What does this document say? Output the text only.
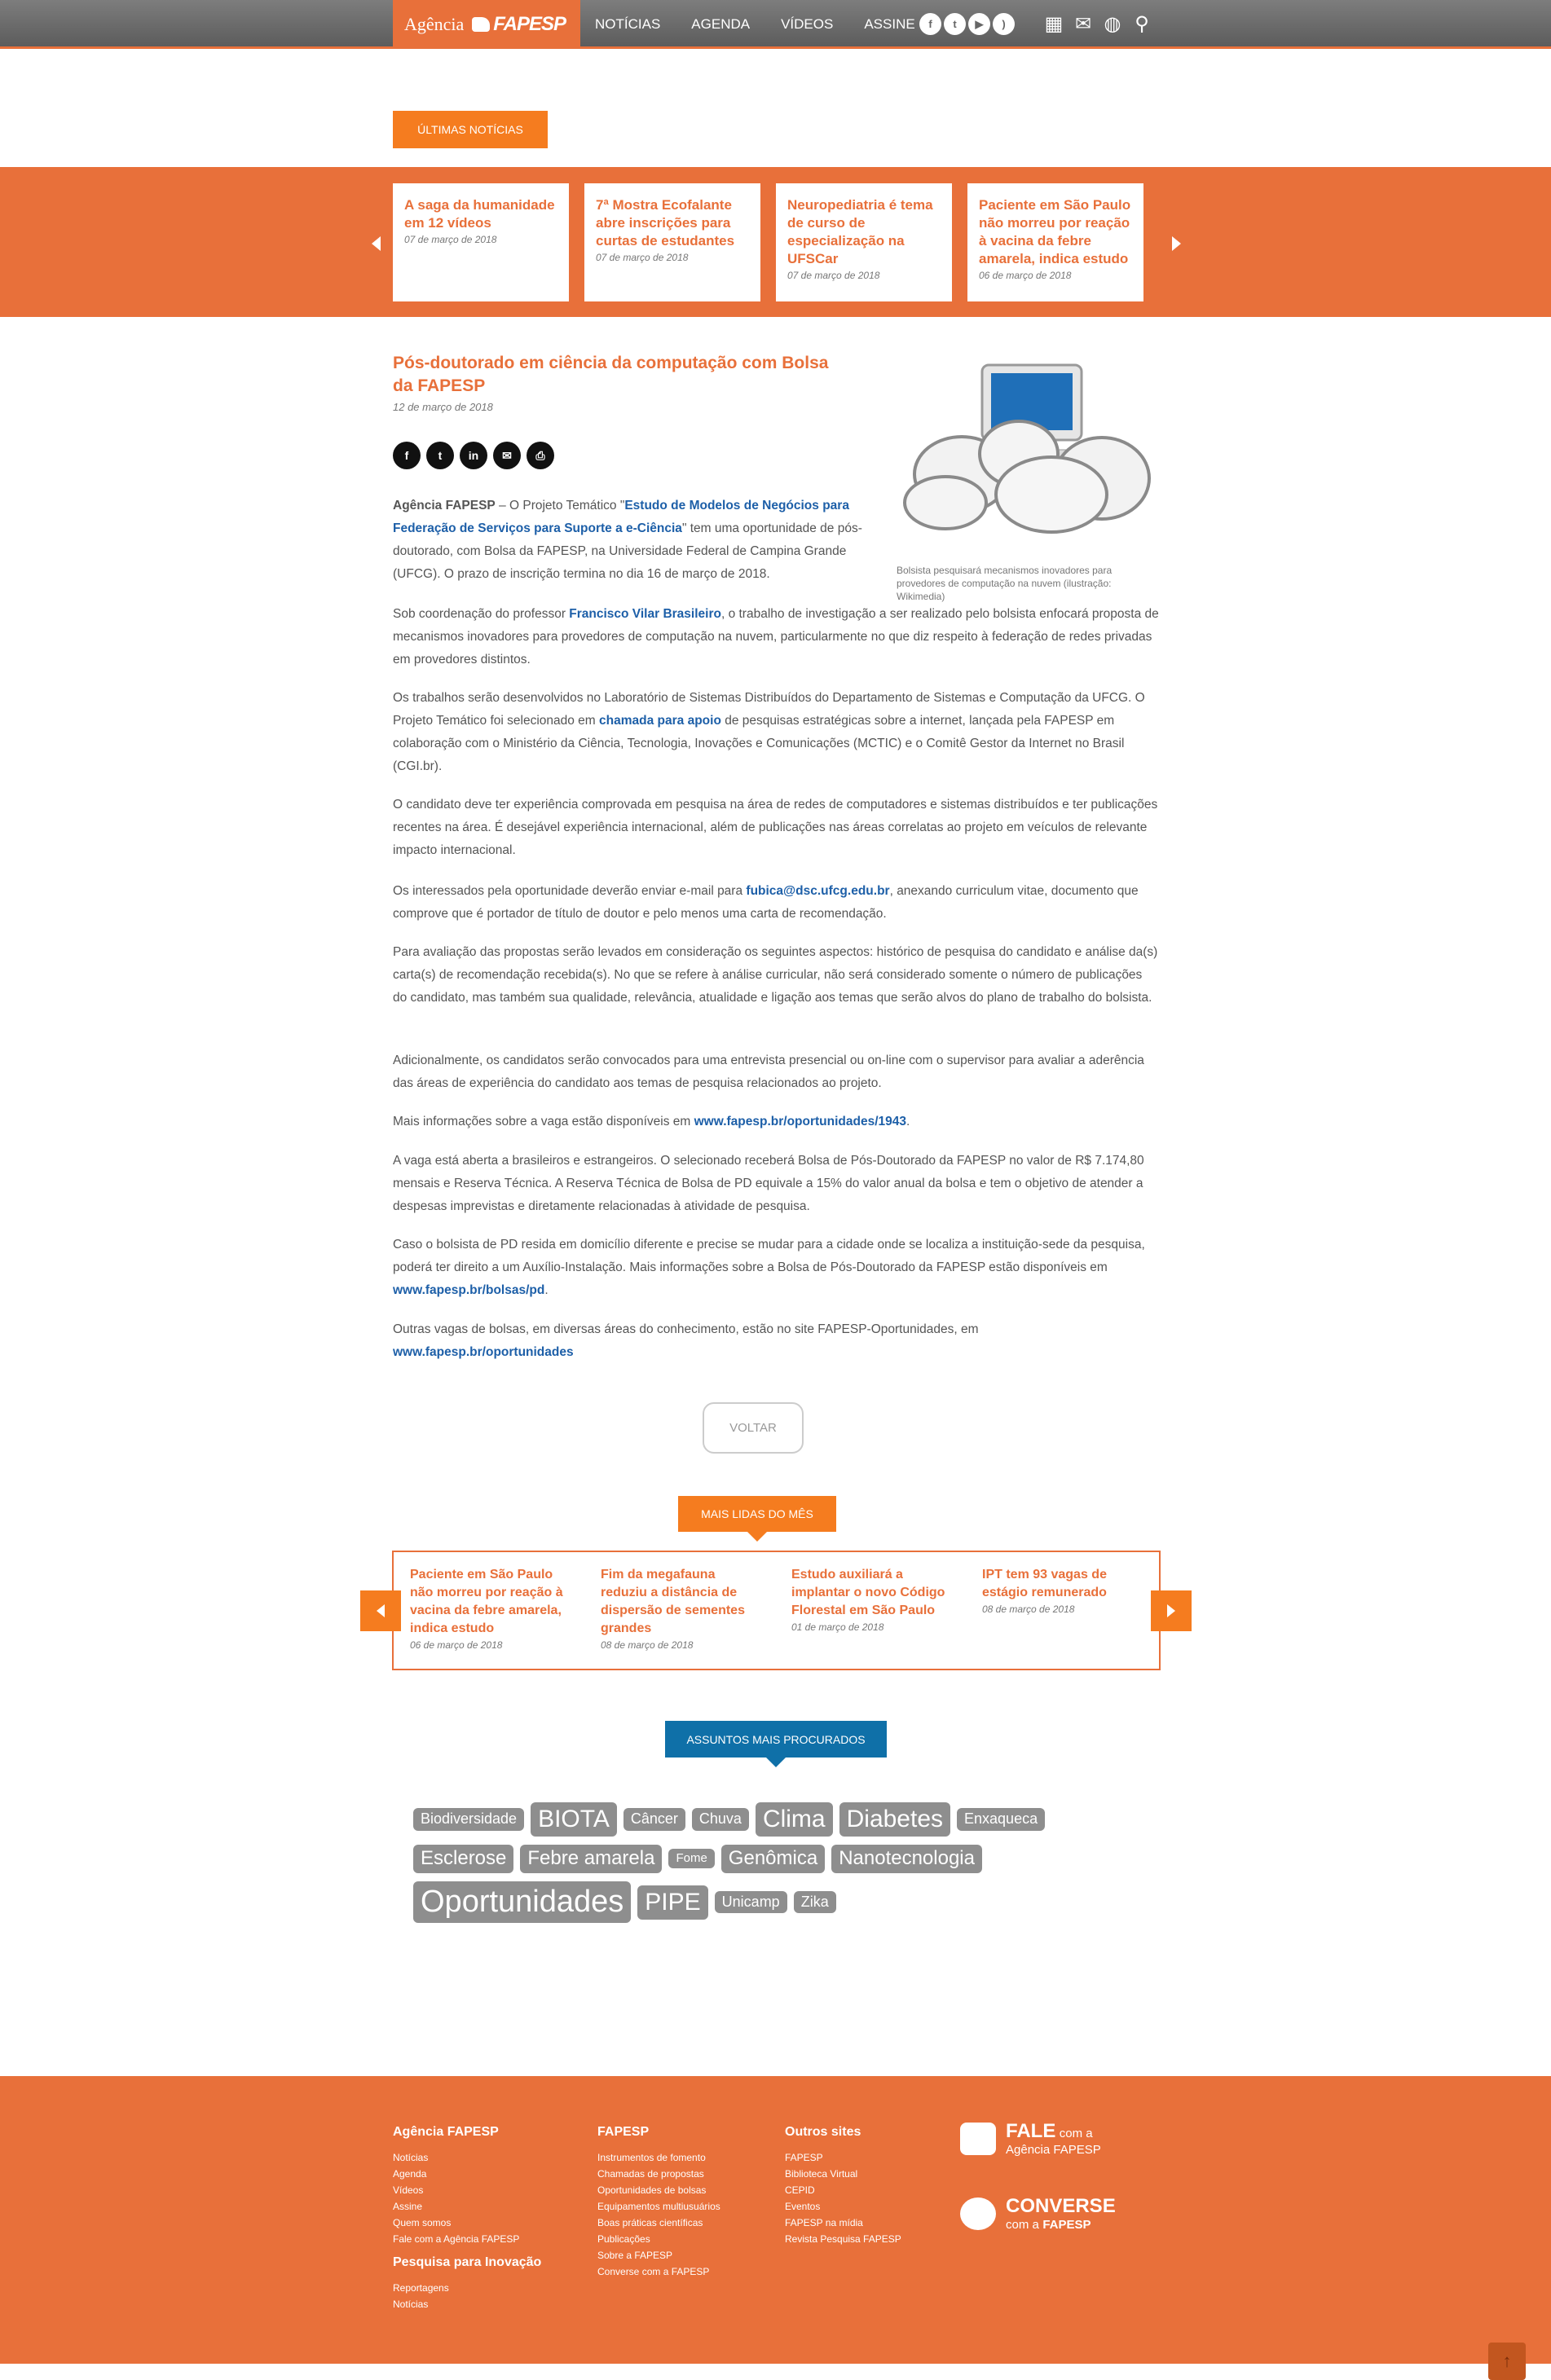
Agência FAPESP NOTÍCIAS AGENDA VÍDEOS ASSINE	f	t	▶	)	▦ ✉ ◍ ⚲
ÚLTIMAS NOTÍCIAS
A saga da humanidade em 12 vídeos
07 de março de 2018
7ª Mostra Ecofalante abre inscrições para curtas de estudantes
07 de março de 2018
Neuropediatria é tema de curso de especialização na UFSCar
07 de março de 2018
Paciente em São Paulo não morreu por reação à vacina da febre amarela, indica estudo
06 de março de 2018
Pós-doutorado em ciência da computação com Bolsa da FAPESP
12 de março de 2018
f	t	in	✉	⎙
Bolsista pesquisará mecanismos inovadores para provedores de computação na nuvem (ilustração: Wikimedia)

Agência FAPESP – O Projeto Temático "Estudo de Modelos de Negócios para Federação de Serviços para Suporte a e-Ciência" tem uma oportunidade de pós-doutorado, com Bolsa da FAPESP, na Universidade Federal de Campina Grande (UFCG). O prazo de inscrição termina no dia 16 de março de 2018.

Sob coordenação do professor Francisco Vilar Brasileiro, o trabalho de investigação a ser realizado pelo bolsista enfocará proposta de mecanismos inovadores para provedores de computação na nuvem, particularmente no que diz respeito à federação de redes privadas em provedores distintos.

Os trabalhos serão desenvolvidos no Laboratório de Sistemas Distribuídos do Departamento de Sistemas e Computação da UFCG. O Projeto Temático foi selecionado em chamada para apoio de pesquisas estratégicas sobre a internet, lançada pela FAPESP em colaboração com o Ministério da Ciência, Tecnologia, Inovações e Comunicações (MCTIC) e o Comitê Gestor da Internet no Brasil (CGI.br).

O candidato deve ter experiência comprovada em pesquisa na área de redes de computadores e sistemas distribuídos e ter publicações recentes na área. É desejável experiência internacional, além de publicações nas áreas correlatas ao projeto em veículos de relevante impacto internacional.

Os interessados pela oportunidade deverão enviar e-mail para fubica@dsc.ufcg.edu.br, anexando curriculum vitae, documento que comprove que é portador de título de doutor e pelo menos uma carta de recomendação.

Para avaliação das propostas serão levados em consideração os seguintes aspectos: histórico de pesquisa do candidato e análise da(s) carta(s) de recomendação recebida(s). No que se refere à análise curricular, não será considerado somente o número de publicações do candidato, mas também sua qualidade, relevância, atualidade e ligação aos temas que serão alvos do plano de trabalho do bolsista.

Adicionalmente, os candidatos serão convocados para uma entrevista presencial ou on-line com o supervisor para avaliar a aderência das áreas de experiência do candidato aos temas de pesquisa relacionados ao projeto.

Mais informações sobre a vaga estão disponíveis em www.fapesp.br/oportunidades/1943.

A vaga está aberta a brasileiros e estrangeiros. O selecionado receberá Bolsa de Pós-Doutorado da FAPESP no valor de R$ 7.174,80 mensais e Reserva Técnica. A Reserva Técnica de Bolsa de PD equivale a 15% do valor anual da bolsa e tem o objetivo de atender a despesas imprevistas e diretamente relacionadas à atividade de pesquisa.

Caso o bolsista de PD resida em domicílio diferente e precise se mudar para a cidade onde se localiza a instituição-sede da pesquisa, poderá ter direito a um Auxílio-Instalação. Mais informações sobre a Bolsa de Pós-Doutorado da FAPESP estão disponíveis em www.fapesp.br/bolsas/pd.

Outras vagas de bolsas, em diversas áreas do conhecimento, estão no site FAPESP-Oportunidades, em www.fapesp.br/oportunidades

VOLTAR
MAIS LIDAS DO MÊS
Paciente em São Paulo não morreu por reação à vacina da febre amarela, indica estudo
06 de março de 2018
Fim da megafauna reduziu a distância de dispersão de sementes grandes
08 de março de 2018
Estudo auxiliará a implantar o novo Código Florestal em São Paulo
01 de março de 2018
IPT tem 93 vagas de estágio remunerado
08 de março de 2018
ASSUNTOS MAIS PROCURADOS
Biodiversidade BIOTA	Câncer	Chuva Clima Diabetes	Enxaqueca
Esclerose	Febre amarela	Fome	Genômica	Nanotecnologia
Oportunidades PIPE	Unicamp	Zika
Agência FAPESP
Notícias
Agenda
Vídeos
Assine
Quem somos
Fale com a Agência FAPESP
Pesquisa para Inovação
Reportagens
Notícias
FAPESP
Instrumentos de fomento
Chamadas de propostas
Oportunidades de bolsas
Equipamentos multiusuários
Boas práticas científicas
Publicações
Sobre a FAPESP
Converse com a FAPESP
Outros sites
FAPESP
Biblioteca Virtual
CEPID
Eventos
FAPESP na mídia
Revista Pesquisa FAPESP
FALE com a
Agência FAPESP
CONVERSE
com a FAPESP
↑
